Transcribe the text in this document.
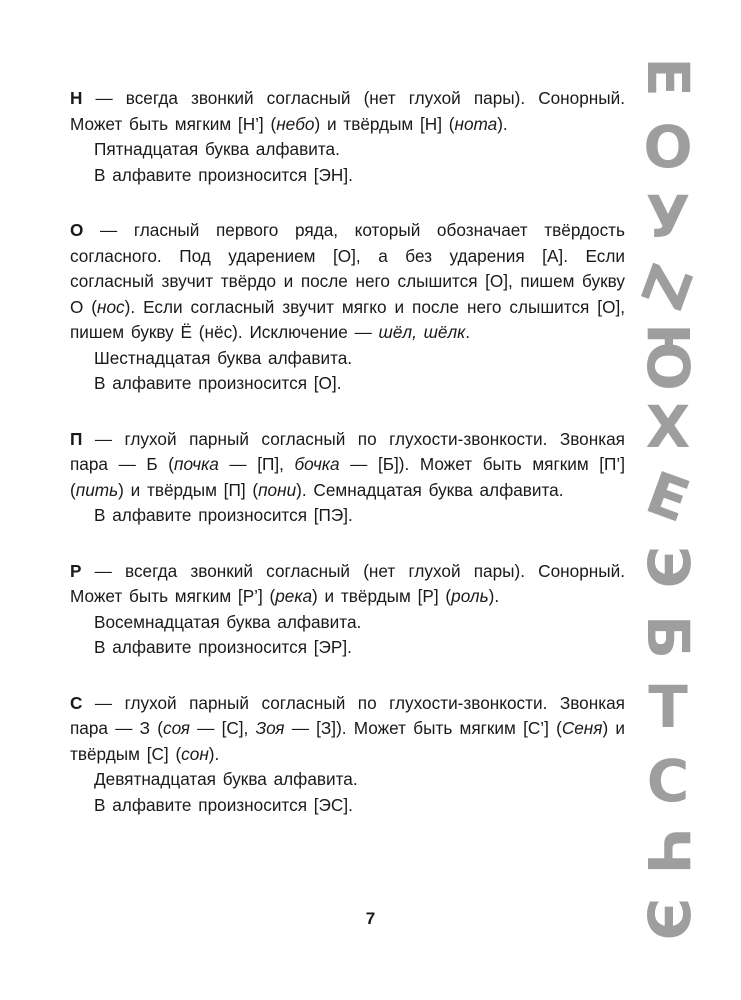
Н — всегда звонкий согласный (нет глухой пары). Сонорный. Может быть мягким [Н’] (небо) и твёрдым [Н] (нота).

Пятнадцатая буква алфавита.

В алфавите произносится [ЭН].

О — гласный первого ряда, который обозначает твёрдость согласного. Под ударением [О], а без ударения [А]. Если согласный звучит твёрдо и после него слышится [О], пишем букву О (нос). Если согласный звучит мягко и после него слышится [О], пишем букву Ё (нёс). Исключение — шёл, шёлк.

Шестнадцатая буква алфавита.

В алфавите произносится [О].

П — глухой парный согласный по глухости-звонкости. Звонкая пара — Б (почка — [П], бочка — [Б]). Может быть мягким [П’] (пить) и твёрдым [П] (пони). Семнадцатая буква алфавита.

В алфавите произносится [ПЭ].

Р — всегда звонкий согласный (нет глухой пары). Сонорный. Может быть мягким [Р’] (река) и твёрдым [Р] (роль).

Восемнадцатая буква алфавита.

В алфавите произносится [ЭР].

С — глухой парный согласный по глухости-звонкости. Звонкая пара — З (соя — [С], Зоя — [З]). Может быть мягким [С’] (Сеня) и твёрдым [С] (сон).

Девятнадцатая буква алфавита.

В алфавите произносится [ЭС].

7
Е
О
У
Z
Ю
Х
Е
Э
Б
Т
С
Ч
Э
